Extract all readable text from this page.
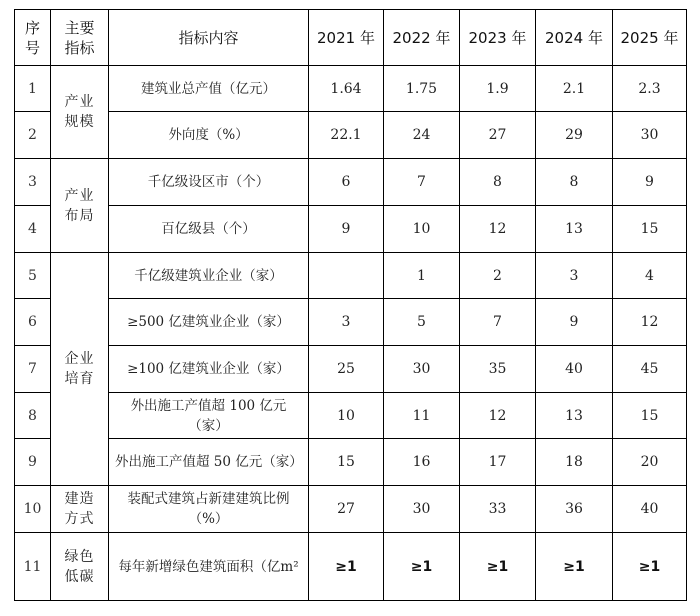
序号	主要指标	指标内容	2021 年	2022 年	2023 年	2024 年	2025 年
1	产业规模	建筑业总产值（亿元）	1.64	1.75	1.9	2.1	2.3
2		外向度（%）	22.1	24	27	29	30
3	产业布局	千亿级设区市（个）	6	7	8	8	9
4		百亿级县（个）	9	10	12	13	15
5	企业培育	千亿级建筑业企业（家）		1	2	3	4
6		≥500 亿建筑业企业（家）	3	5	7	9	12
7		≥100 亿建筑业企业（家）	25	30	35	40	45
8		外出施工产值超 100 亿元（家）	10	11	12	13	15
9		外出施工产值超 50 亿元（家）	15	16	17	18	20
10	建造方式	装配式建筑占新建建筑比例（%）	27	30	33	36	40
11	绿色低碳	每年新增绿色建筑面积（亿m²	≥1	≥1	≥1	≥1	≥1
